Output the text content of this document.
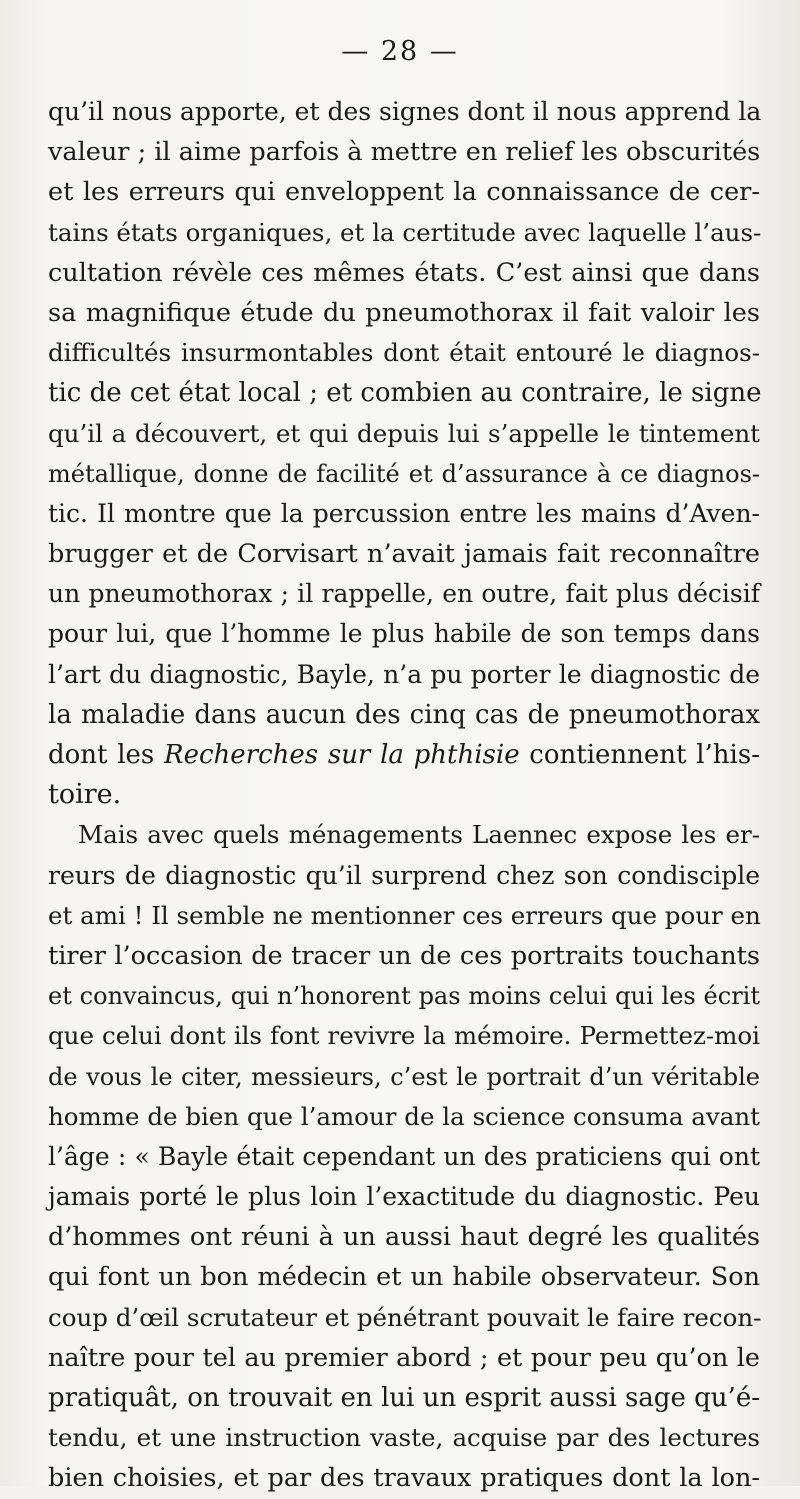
— 28 —
qu’il nous apporte, et des signes dont il nous apprend la
valeur ; il aime parfois à mettre en relief les obscurités
et les erreurs qui enveloppent la connaissance de cer-
tains états organiques, et la certitude avec laquelle l’aus-
cultation révèle ces mêmes états. C’est ainsi que dans
sa magnifique étude du pneumothorax il fait valoir les
difficultés insurmontables dont était entouré le diagnos-
tic de cet état local ; et combien au contraire, le signe
qu’il a découvert, et qui depuis lui s’appelle le tintement
métallique, donne de facilité et d’assurance à ce diagnos-
tic. Il montre que la percussion entre les mains d’Aven-
brugger et de Corvisart n’avait jamais fait reconnaître
un pneumothorax ; il rappelle, en outre, fait plus décisif
pour lui, que l’homme le plus habile de son temps dans
l’art du diagnostic, Bayle, n’a pu porter le diagnostic de
la maladie dans aucun des cinq cas de pneumothorax
dont les Recherches sur la phthisie contiennent l’his-
toire.
Mais avec quels ménagements Laennec expose les er-
reurs de diagnostic qu’il surprend chez son condisciple
et ami ! Il semble ne mentionner ces erreurs que pour en
tirer l’occasion de tracer un de ces portraits touchants
et convaincus, qui n’honorent pas moins celui qui les écrit
que celui dont ils font revivre la mémoire. Permettez-moi
de vous le citer, messieurs, c’est le portrait d’un véritable
homme de bien que l’amour de la science consuma avant
l’âge : « Bayle était cependant un des praticiens qui ont
jamais porté le plus loin l’exactitude du diagnostic. Peu
d’hommes ont réuni à un aussi haut degré les qualités
qui font un bon médecin et un habile observateur. Son
coup d’œil scrutateur et pénétrant pouvait le faire recon-
naître pour tel au premier abord ; et pour peu qu’on le
pratiquât, on trouvait en lui un esprit aussi sage qu’é-
tendu, et une instruction vaste, acquise par des lectures
bien choisies, et par des travaux pratiques dont la lon-
